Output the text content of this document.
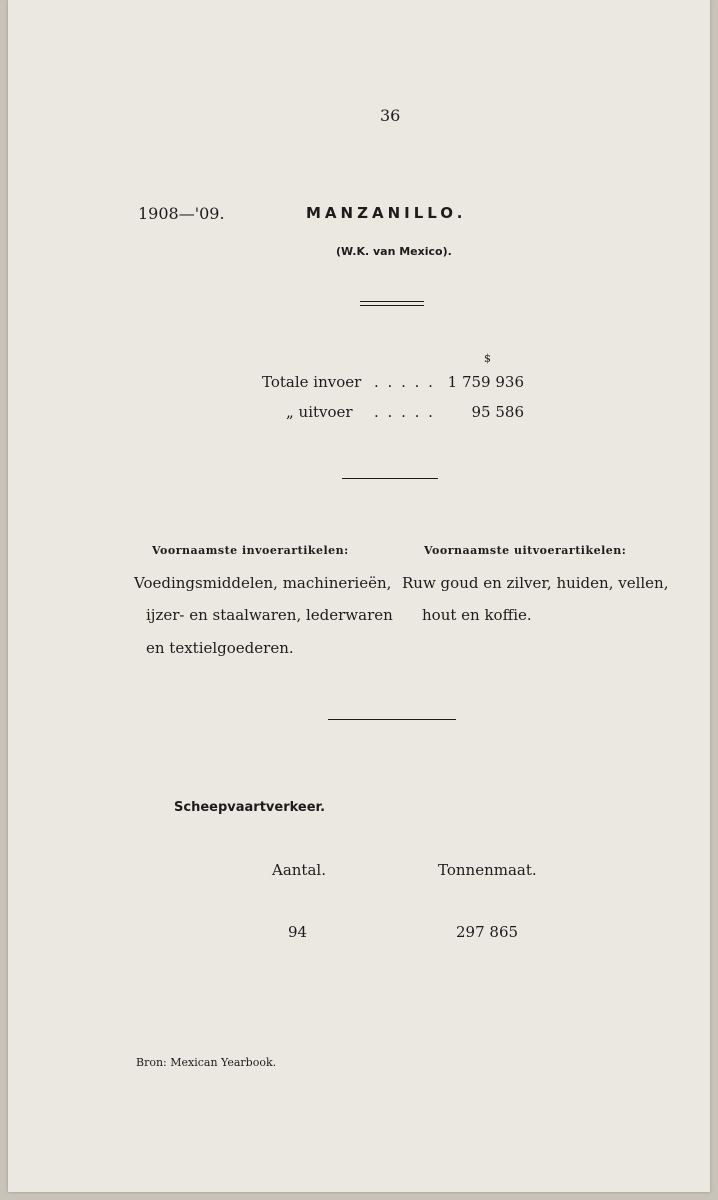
36
1908—'09.	MANZANILLO.
(W.K. van Mexico).
$
Totale invoer . . . . . 1 759 936
„ uitvoer . . . . .	95 586
Voornaamste invoerartikelen:	Voornaamste uitvoerartikelen:
Voedingsmiddelen, machinerieën,
ijzer- en staalwaren, lederwaren
en textielgoederen.
Ruw goud en zilver, huiden, vellen,
hout en koffie.
Scheepvaartverkeer.
Aantal.	Tonnenmaat.
94	297 865
Bron: Mexican Yearbook.
